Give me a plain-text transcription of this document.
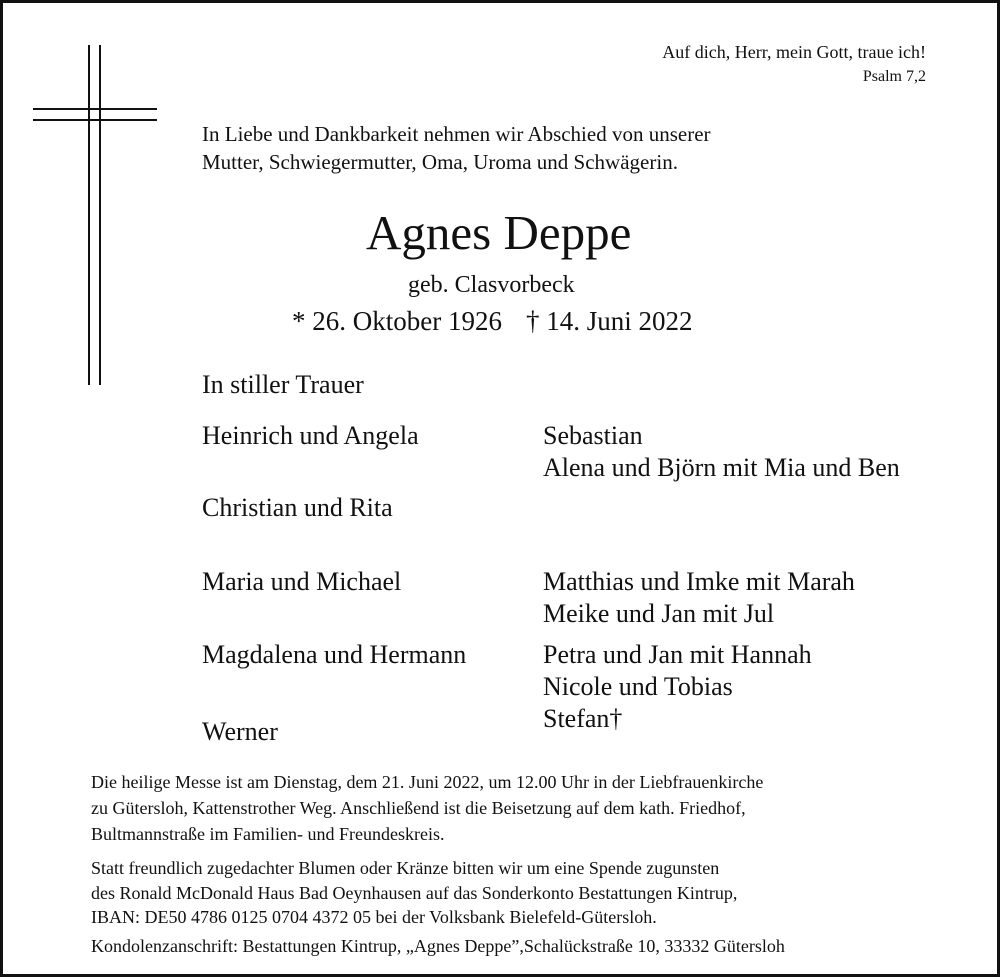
Auf dich, Herr, mein Gott, traue ich!
Psalm 7,2
In Liebe und Dankbarkeit nehmen wir Abschied von unserer
Mutter, Schwiegermutter, Oma, Uroma und Schwägerin.
Agnes Deppe
geb. Clasvorbeck
* 26. Oktober 1926 † 14. Juni 2022
In stiller Trauer
Heinrich und Angela
Christian und Rita
Maria und Michael
Magdalena und Hermann
Werner
Sebastian
Alena und Björn mit Mia und Ben
Matthias und Imke mit Marah
Meike und Jan mit Jul
Petra und Jan mit Hannah
Nicole und Tobias
Stefan†
Die heilige Messe ist am Dienstag, dem 21. Juni 2022, um 12.00 Uhr in der Liebfrauenkirche
zu Gütersloh, Kattenstrother Weg. Anschließend ist die Beisetzung auf dem kath. Friedhof,
Bultmannstraße im Familien- und Freundeskreis.
Statt freundlich zugedachter Blumen oder Kränze bitten wir um eine Spende zugunsten
des Ronald McDonald Haus Bad Oeynhausen auf das Sonderkonto Bestattungen Kintrup,
IBAN: DE50 4786 0125 0704 4372 05 bei der Volksbank Bielefeld-Gütersloh.
Kondolenzanschrift: Bestattungen Kintrup, „Agnes Deppe”,Schalückstraße 10, 33332 Gütersloh
